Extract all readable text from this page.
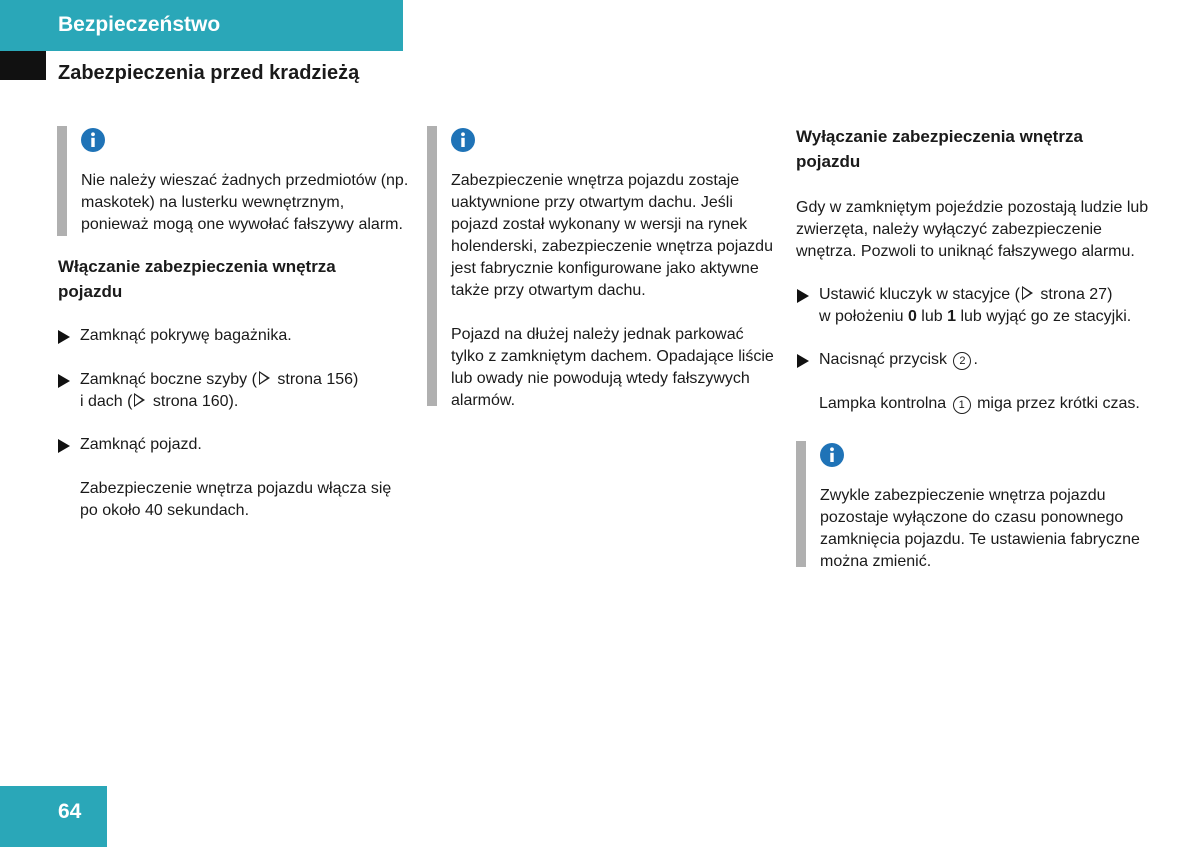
Bezpieczeństwo
Zabezpieczenia przed kradzieżą

Nie należy wieszać żadnych przedmiotów (np. maskotek) na lusterku wewnętrznym, ponieważ mogą one wywołać fałszywy alarm.

Włączanie zabezpieczenia wnętrza pojazdu
Zamknąć pokrywę bagażnika.
Zamknąć boczne szyby ( strona 156)
i dach ( strona 160).
Zamknąć pojazd.

Zabezpieczenie wnętrza pojazdu włącza się po około 40 sekundach.

Zabezpieczenie wnętrza pojazdu zostaje uaktywnione przy otwartym dachu. Jeśli pojazd został wykonany w wersji na rynek holenderski, zabezpieczenie wnętrza pojazdu jest fabrycznie konfigurowane jako aktywne także przy otwartym dachu.

Pojazd na dłużej należy jednak parkować tylko z zamkniętym dachem. Opadające liście lub owady nie powodują wtedy fałszywych alarmów.

Wyłączanie zabezpieczenia wnętrza pojazdu

Gdy w zamkniętym pojeździe pozostają ludzie lub zwierzęta, należy wyłączyć zabezpieczenie wnętrza. Pozwoli to uniknąć fałszywego alarmu.

Ustawić kluczyk w stacyjce ( strona 27)
w położeniu 0 lub 1 lub wyjąć go ze stacyjki.
Nacisnąć przycisk 2 .

Lampka kontrolna 1 miga przez krótki czas.

Zwykle zabezpieczenie wnętrza pojazdu pozostaje wyłączone do czasu ponownego zamknięcia pojazdu. Te ustawienia fabryczne można zmienić.

64
